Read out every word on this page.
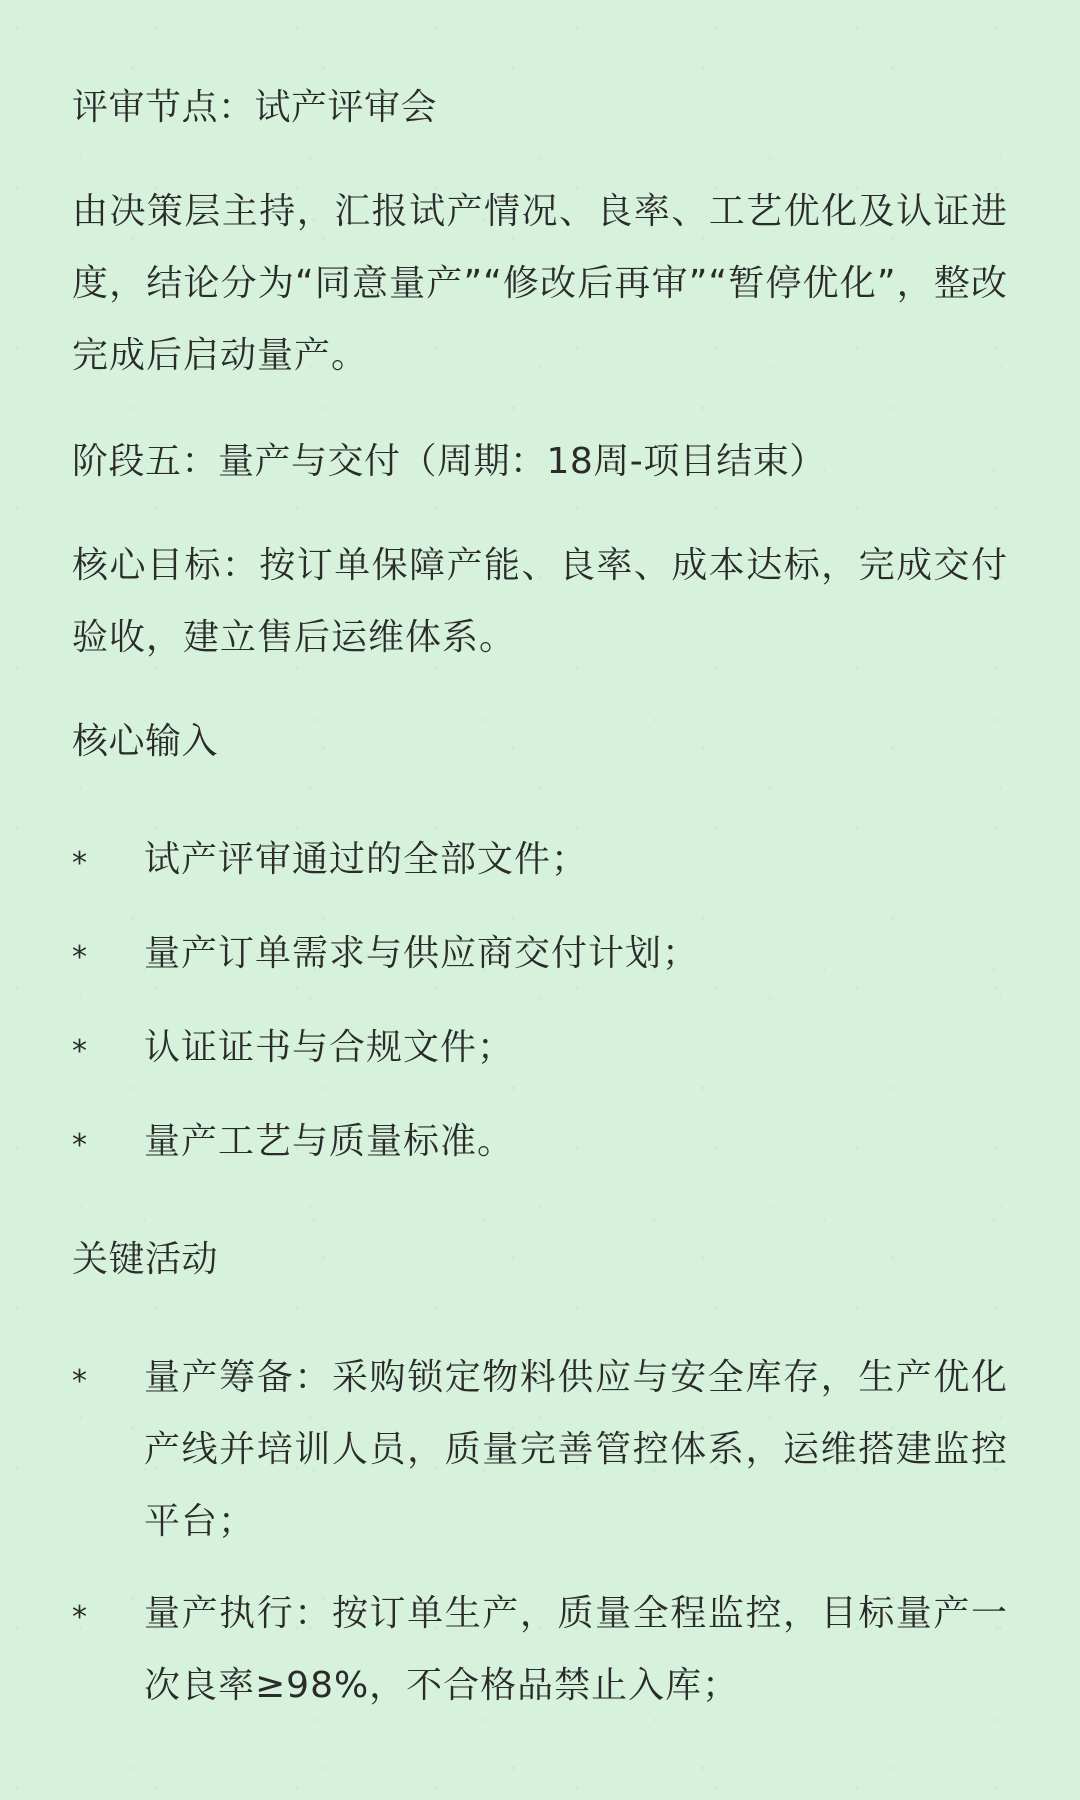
评审节点：试产评审会
由决策层主持，汇报试产情况、良率、工艺优化及认证进度，结论分为“同意量产”“修改后再审”“暂停优化”，整改完成后启动量产。
阶段五：量产与交付（周期：18周-项目结束）
核心目标：按订单保障产能、良率、成本达标，完成交付验收，建立售后运维体系。
核心输入
* 试产评审通过的全部文件；
* 量产订单需求与供应商交付计划；
* 认证证书与合规文件；
* 量产工艺与质量标准。
关键活动
* 量产筹备：采购锁定物料供应与安全库存，生产优化产线并培训人员，质量完善管控体系，运维搭建监控平台；
* 量产执行：按订单生产，质量全程监控，目标量产一次良率≥98%，不合格品禁止入库；
